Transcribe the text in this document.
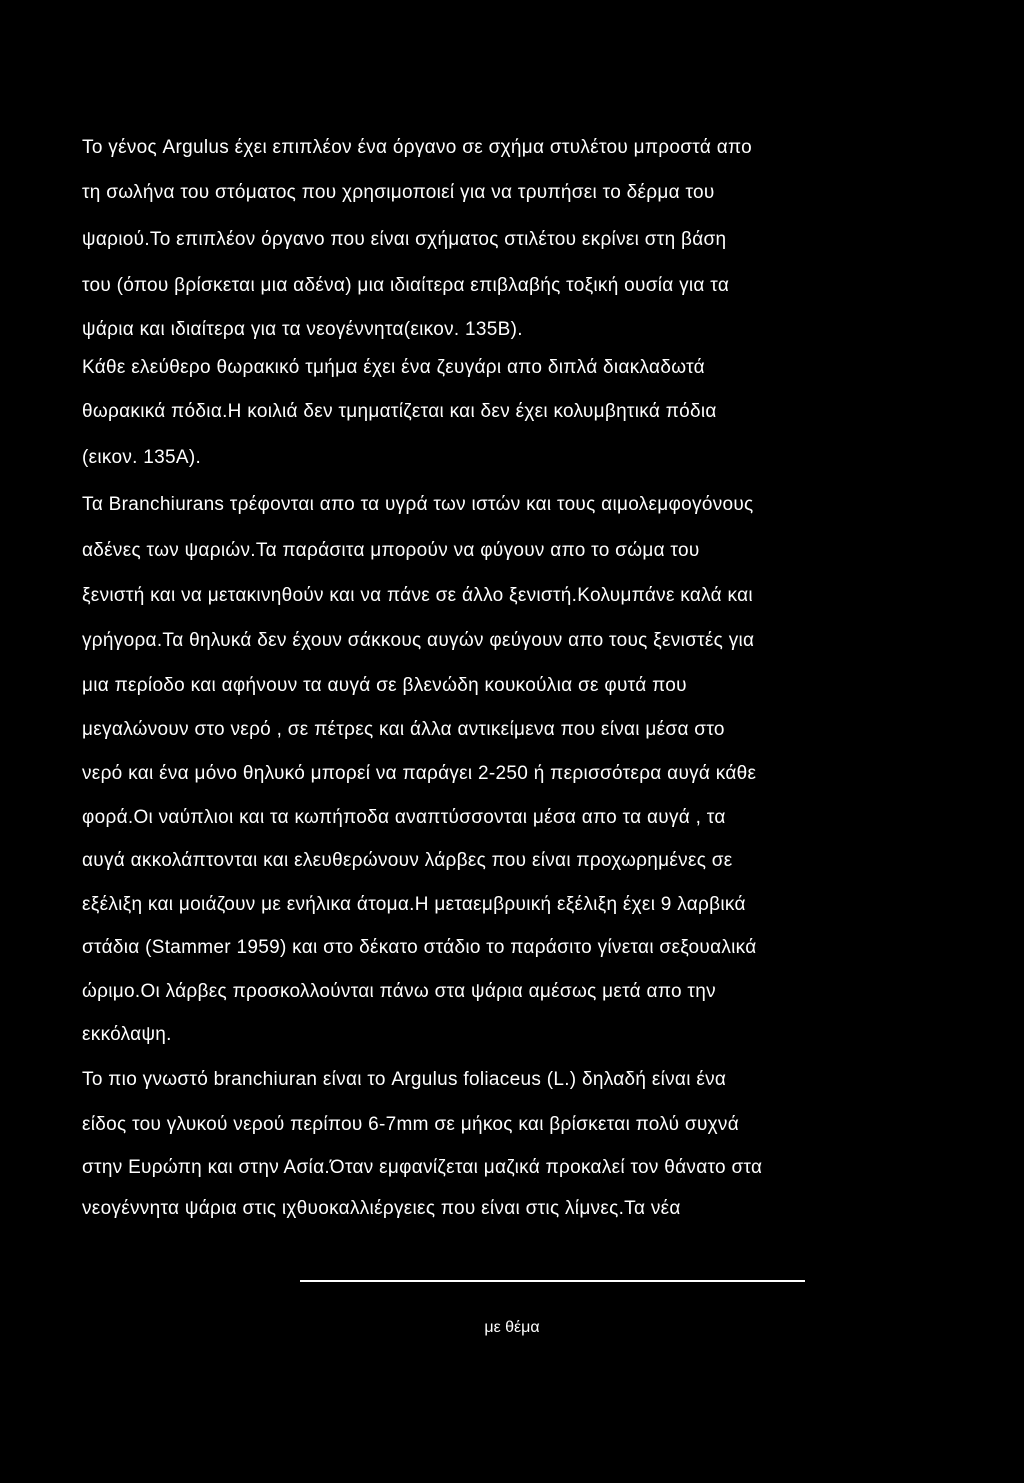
Το γένος Argulus έχει επιπλέον ένα όργανο σε σχήμα στυλέτου μπροστά απο
τη σωλήνα του στόματος που χρησιμοποιεί για να τρυπήσει το δέρμα του
ψαριού.Το επιπλέον όργανο που είναι σχήματος στιλέτου εκρίνει στη βάση
του (όπου βρίσκεται μια αδένα) μια ιδιαίτερα επιβλαβής τοξική ουσία για τα
ψάρια και ιδιαίτερα για τα νεογέννητα(εικον. 135Β).
Κάθε ελεύθερο θωρακικό τμήμα έχει ένα ζευγάρι απο διπλά διακλαδωτά
θωρακικά πόδια.Η κοιλιά δεν τμηματίζεται και δεν έχει κολυμβητικά πόδια
(εικον. 135Α).
Τα Branchiurans τρέφονται απο τα υγρά των ιστών και τους αιμολεμφογόνους
αδένες των ψαριών.Τα παράσιτα μπορούν να φύγουν απο το σώμα του
ξενιστή και να μετακινηθούν και να πάνε σε άλλο ξενιστή.Κολυμπάνε καλά και
γρήγορα.Τα θηλυκά δεν έχουν σάκκους αυγών φεύγουν απο τους ξενιστές για
μια περίοδο και αφήνουν τα αυγά σε βλενώδη κουκούλια σε φυτά που
μεγαλώνουν στο νερό , σε πέτρες και άλλα αντικείμενα που είναι μέσα στο
νερό και ένα μόνο θηλυκό μπορεί να παράγει 2-250 ή περισσότερα αυγά κάθε
φορά.Οι ναύπλιοι και τα κωπήποδα αναπτύσσονται μέσα απο τα αυγά , τα
αυγά ακκολάπτονται και ελευθερώνουν λάρβες που είναι προχωρημένες σε
εξέλιξη και μοιάζουν με ενήλικα άτομα.Η μεταεμβρυική εξέλιξη έχει 9 λαρβικά
στάδια (Stammer 1959) και στο δέκατο στάδιο το παράσιτο γίνεται σεξουαλικά
ώριμο.Οι λάρβες προσκολλούνται πάνω στα ψάρια αμέσως μετά απο την
εκκόλαψη.
Το πιο γνωστό branchiuran είναι το Argulus foliaceus (L.) δηλαδή είναι ένα
είδος του γλυκού νερού περίπου 6-7mm σε μήκος και βρίσκεται πολύ συχνά
στην Ευρώπη και στην Ασία.Όταν εμφανίζεται μαζικά προκαλεί τον θάνατο στα
νεογέννητα ψάρια στις ιχθυοκαλλιέργειες που είναι στις λίμνες.Τα νέα
με θέμα
